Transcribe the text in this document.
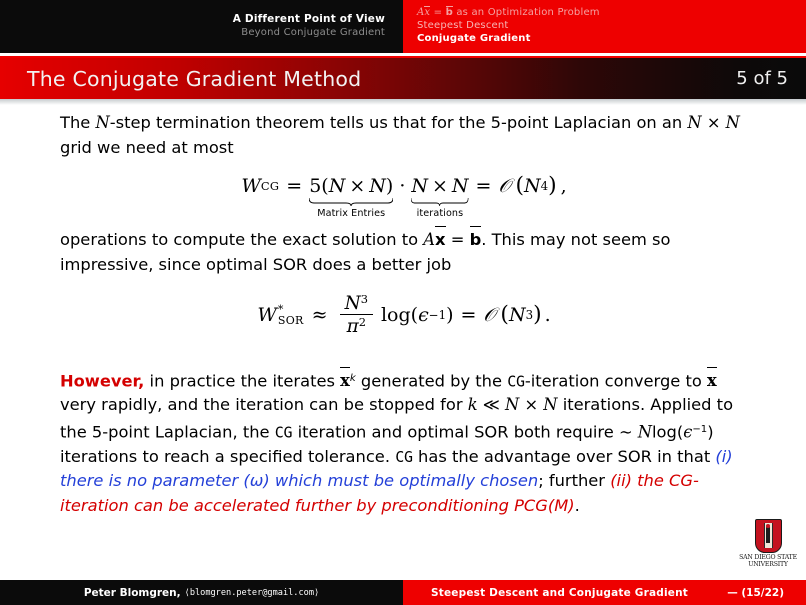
A Different Point of View
Beyond Conjugate Gradient
Ax = b as an Optimization Problem
Steepest Descent
Conjugate Gradient
The Conjugate Gradient Method	5 of 5
The N-step termination theorem tells us that for the 5-point Laplacian on an N × N grid we need at most
W CG = 5(N × N)
Matrix Entries
· N × N
iterations
= 𝒪 ( N 4 ) ,
operations to compute the exact solution to Ax = b. This may not seem so impressive, since optimal SOR does a better job
W *
SOR ≈ $\frac{N^3}{\pi^2} \log$( ϵ −1 ) = 𝒪 ( N 3 ) .
However, in practice the iterates $x^k$ generated by the CG-iteration converge to x very rapidly, and the iteration can be stopped for k ≪ N × N iterations. Applied to the 5-point Laplacian, the CG iteration and optimal SOR both require ∼ $Nlog(\epsilon^{-1})$ iterations to reach a specified tolerance. CG has the advantage over SOR in that (i) there is no parameter (ω) which must be optimally chosen; further (ii) the CG-iteration can be accelerated further by preconditioning PCG(M).
SAN DIEGO STATE
UNIVERSITY
Peter Blomgren, ⟨blomgren.peter@gmail.com⟩	Steepest Descent and Conjugate Gradient	— (15/22)
